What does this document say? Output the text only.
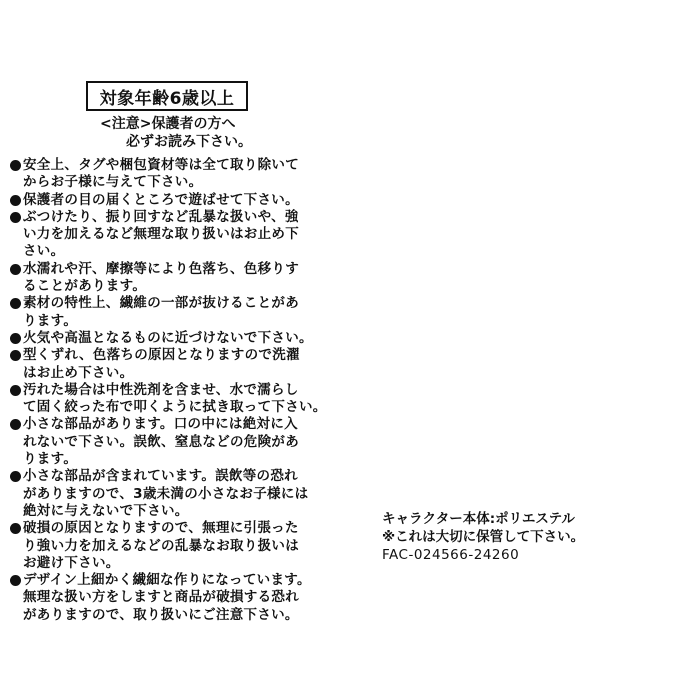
対象年齢6歳以上
<注意>保護者の方へ
必ずお読み下さい。
安全上、タグや梱包資材等は全て取り除いて
からお子様に与えて下さい。
保護者の目の届くところで遊ばせて下さい。
ぶつけたり、振り回すなど乱暴な扱いや、強
い力を加えるなど無理な取り扱いはお止め下
さい。
水濡れや汗、摩擦等により色落ち、色移りす
ることがあります。
素材の特性上、繊維の一部が抜けることがあ
ります。
火気や高温となるものに近づけないで下さい。
型くずれ、色落ちの原因となりますので洗濯
はお止め下さい。
汚れた場合は中性洗剤を含ませ、水で濡らし
て固く絞った布で叩くように拭き取って下さい。
小さな部品があります。口の中には絶対に入
れないで下さい。誤飲、窒息などの危険があ
ります。
小さな部品が含まれています。誤飲等の恐れ
がありますので、3歳未満の小さなお子様には
絶対に与えないで下さい。
破損の原因となりますので、無理に引張った
り強い力を加えるなどの乱暴なお取り扱いは
お避け下さい。
デザイン上細かく繊細な作りになっています。
無理な扱い方をしますと商品が破損する恐れ
がありますので、取り扱いにご注意下さい。
キャラクター本体:ポリエステル
※これは大切に保管して下さい。
FAC-024566-24260
